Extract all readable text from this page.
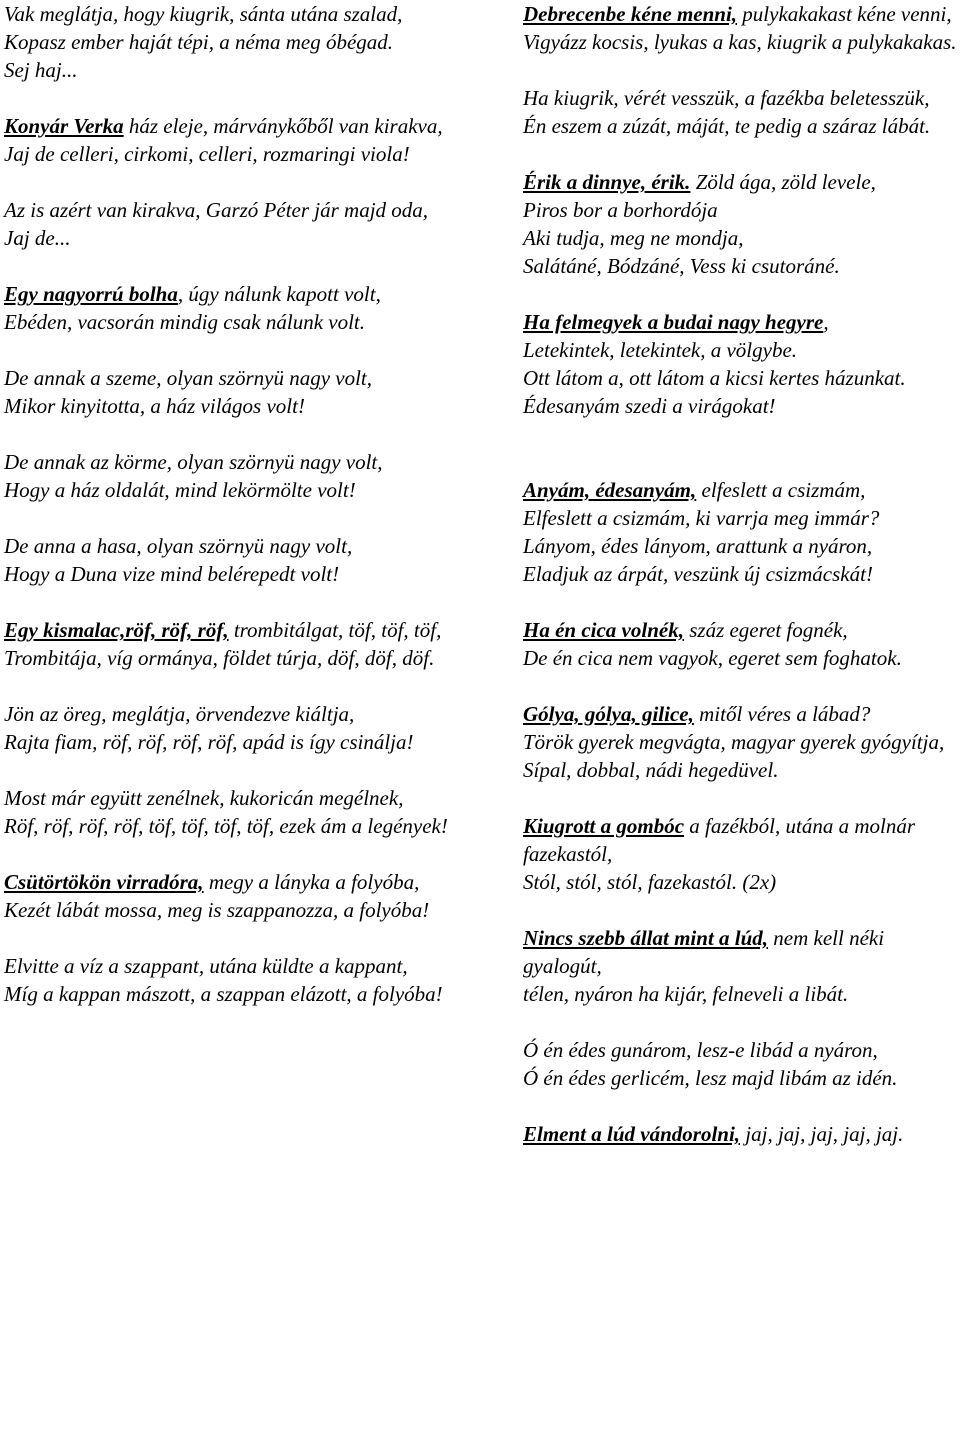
Vak meglátja, hogy kiugrik, sánta utána szalad,
Kopasz ember haját tépi, a néma meg óbégad.
Sej haj...
Konyár Verka ház eleje, márványkőből van kirakva,
Jaj de celleri, cirkomi, celleri, rozmaringi viola!
Az is azért van kirakva, Garzó Péter jár majd oda,
Jaj de...
Egy nagyorrú bolha, úgy nálunk kapott volt,
Ebéden, vacsorán mindig csak nálunk volt.
De annak a szeme, olyan szörnyü nagy volt,
Mikor kinyitotta, a ház világos volt!
De annak az körme, olyan szörnyü nagy volt,
Hogy a ház oldalát, mind lekörmölte volt!
De anna a hasa, olyan szörnyü nagy volt,
Hogy a Duna vize mind belérepedt volt!
Egy kismalac,röf, röf, röf, trombitálgat, töf, töf, töf,
Trombitája, víg ormánya, földet túrja, döf, döf, döf.
Jön az öreg, meglátja, örvendezve kiáltja,
Rajta fiam, röf, röf, röf, röf, apád is így csinálja!
Most már együtt zenélnek, kukoricán megélnek,
Röf, röf, röf, röf, töf, töf, töf, töf, ezek ám a legények!
Csütörtökön virradóra, megy a lányka a folyóba,
Kezét lábát mossa, meg is szappanozza, a folyóba!
Elvitte a víz a szappant, utána küldte a kappant,
Míg a kappan mászott, a szappan elázott, a folyóba!
Debrecenbe kéne menni, pulykakakast kéne venni,
Vigyázz kocsis, lyukas a kas, kiugrik a pulykakakas.
Ha kiugrik, vérét vesszük, a fazékba beletesszük,
Én eszem a zúzát, máját, te pedig a száraz lábát.
Érik a dinnye, érik. Zöld ága, zöld levele,
Piros bor a borhordója
Aki tudja, meg ne mondja,
Salátáné, Bódzáné, Vess ki csutoráné.
Ha felmegyek a budai nagy hegyre,
Letekintek, letekintek, a völgybe.
Ott látom a, ott látom a kicsi kertes házunkat.
Édesanyám szedi a virágokat!
Anyám, édesanyám, elfeslett a csizmám,
Elfeslett a csizmám, ki varrja meg immár?
Lányom, édes lányom, arattunk a nyáron,
Eladjuk az árpát, veszünk új csizmácskát!
Ha én cica volnék, száz egeret fognék,
De én cica nem vagyok, egeret sem foghatok.
Gólya, gólya, gilice, mitől véres a lábad?
Török gyerek megvágta, magyar gyerek gyógyítja,
Sípal, dobbal, nádi hegedüvel.
Kiugrott a gombóc a fazékból, utána a molnár fazekastól,
Stól, stól, stól, fazekastól. (2x)
Nincs szebb állat mint a lúd, nem kell néki gyalogút,
télen, nyáron ha kijár, felneveli a libát.
Ó én édes gunárom, lesz-e libád a nyáron,
Ó én édes gerlicém, lesz majd libám az idén.
Elment a lúd vándorolni, jaj, jaj, jaj, jaj, jaj.
